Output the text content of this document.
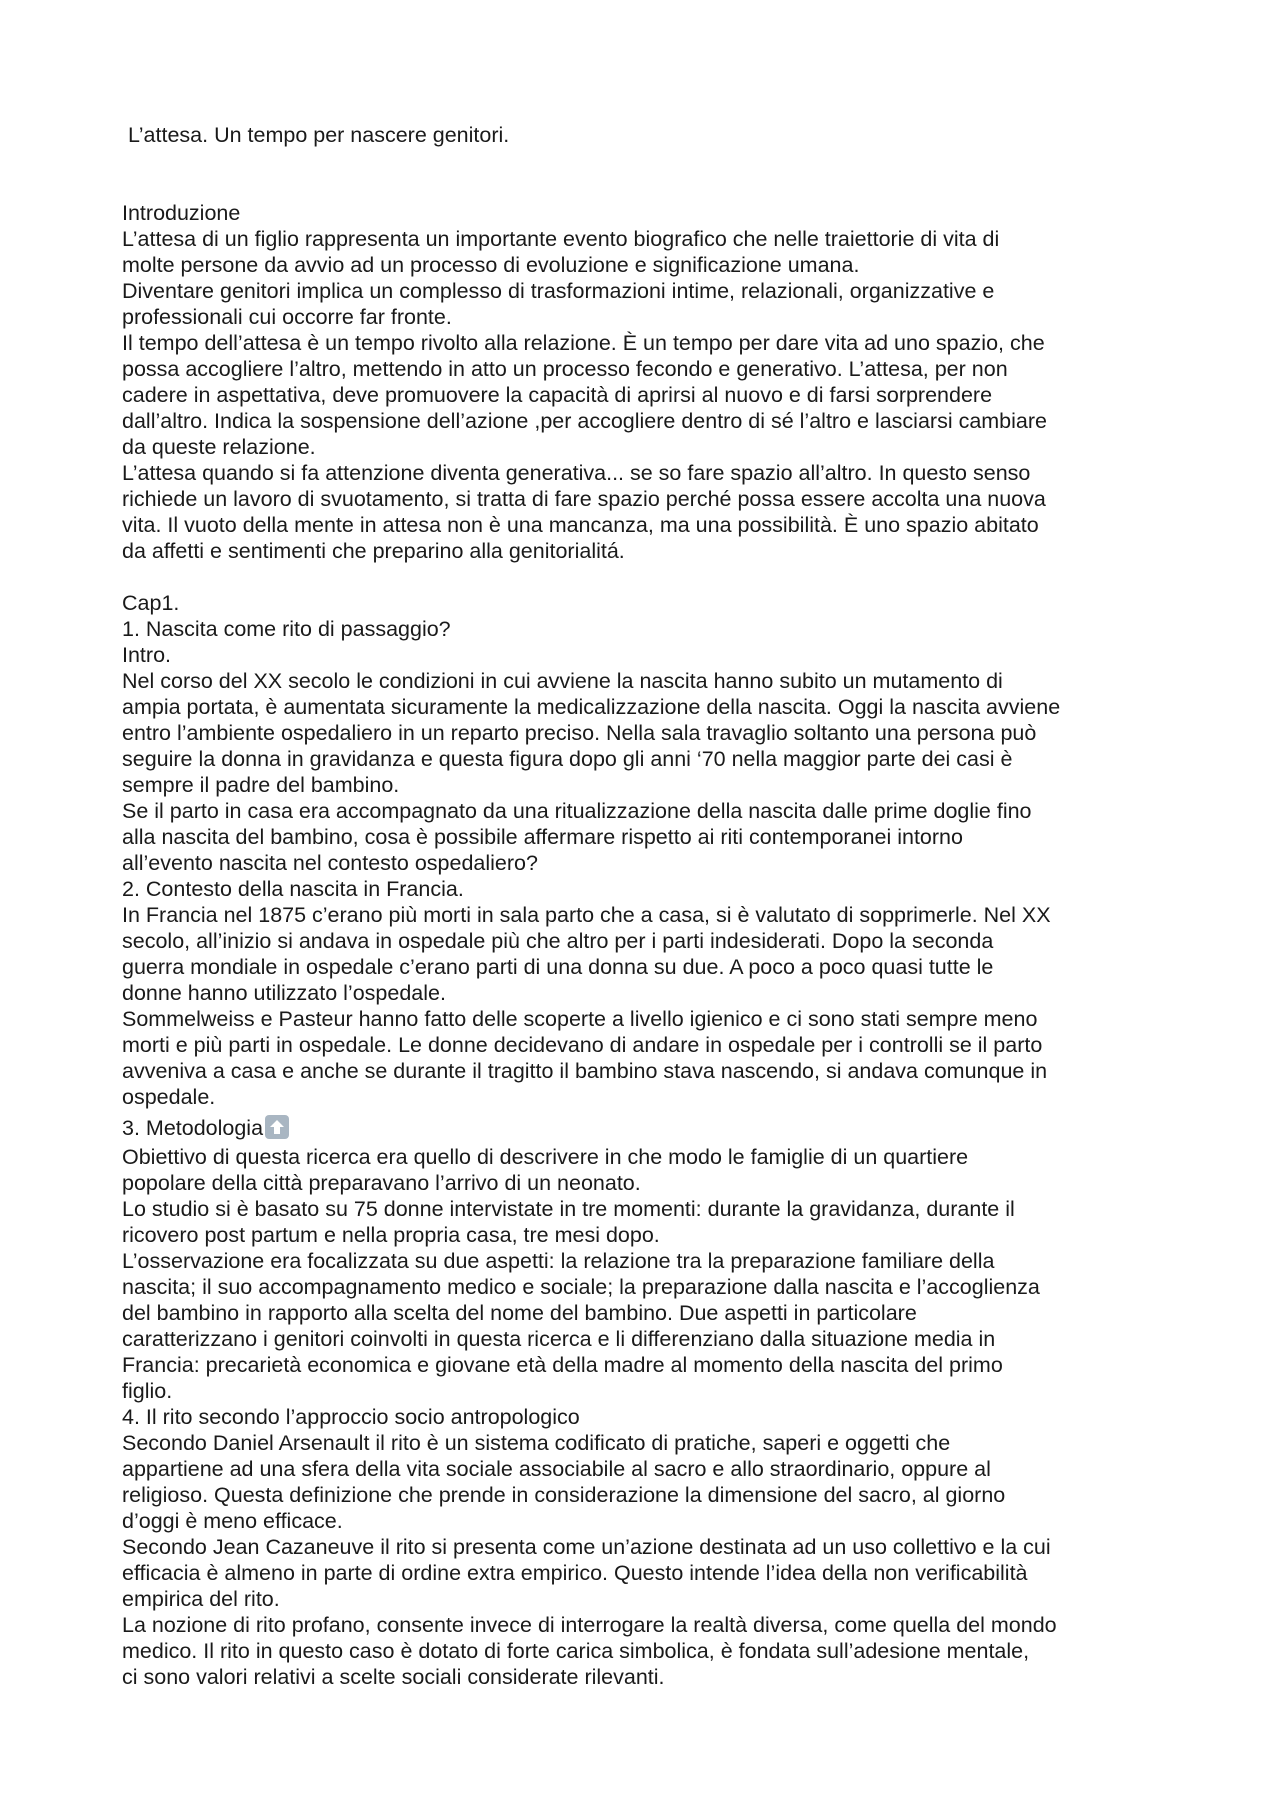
L’attesa. Un tempo per nascere genitori.
Introduzione
L’attesa di un figlio rappresenta un importante evento biografico che nelle traiettorie di vita di
molte persone da avvio ad un processo di evoluzione e significazione umana.
Diventare genitori implica un complesso di trasformazioni intime, relazionali, organizzative e
professionali cui occorre far fronte.
Il tempo dell’attesa è un tempo rivolto alla relazione. È un tempo per dare vita ad uno spazio, che
possa accogliere l’altro, mettendo in atto un processo fecondo e generativo. L’attesa, per non
cadere in aspettativa, deve promuovere la capacità di aprirsi al nuovo e di farsi sorprendere
dall’altro. Indica la sospensione dell’azione ,per accogliere dentro di sé l’altro e lasciarsi cambiare
da queste relazione.
L’attesa quando si fa attenzione diventa generativa... se so fare spazio all’altro. In questo senso
richiede un lavoro di svuotamento, si tratta di fare spazio perché possa essere accolta una nuova
vita. Il vuoto della mente in attesa non è una mancanza, ma una possibilità. È uno spazio abitato
da affetti e sentimenti che preparino alla genitorialitá.
Cap1.
1. Nascita come rito di passaggio?
Intro.
Nel corso del XX secolo le condizioni in cui avviene la nascita hanno subito un mutamento di
ampia portata, è aumentata sicuramente la medicalizzazione della nascita. Oggi la nascita avviene
entro l’ambiente ospedaliero in un reparto preciso. Nella sala travaglio soltanto una persona può
seguire la donna in gravidanza e questa figura dopo gli anni ‘70 nella maggior parte dei casi è
sempre il padre del bambino.
Se il parto in casa era accompagnato da una ritualizzazione della nascita dalle prime doglie fino
alla nascita del bambino, cosa è possibile affermare rispetto ai riti contemporanei intorno
all’evento nascita nel contesto ospedaliero?
2. Contesto della nascita in Francia.
In Francia nel 1875 c’erano più morti in sala parto che a casa, si è valutato di sopprimerle. Nel XX
secolo, all’inizio si andava in ospedale più che altro per i parti indesiderati. Dopo la seconda
guerra mondiale in ospedale c’erano parti di una donna su due. A poco a poco quasi tutte le
donne hanno utilizzato l’ospedale.
Sommelweiss e Pasteur hanno fatto delle scoperte a livello igienico e ci sono stati sempre meno
morti e più parti in ospedale. Le donne decidevano di andare in ospedale per i controlli se il parto
avveniva a casa e anche se durante il tragitto il bambino stava nascendo, si andava comunque in
ospedale.
3. Metodologia
Obiettivo di questa ricerca era quello di descrivere in che modo le famiglie di un quartiere
popolare della città preparavano l’arrivo di un neonato.
Lo studio si è basato su 75 donne intervistate in tre momenti: durante la gravidanza, durante il
ricovero post partum e nella propria casa, tre mesi dopo.
L’osservazione era focalizzata su due aspetti: la relazione tra la preparazione familiare della
nascita; il suo accompagnamento medico e sociale; la preparazione dalla nascita e l’accoglienza
del bambino in rapporto alla scelta del nome del bambino. Due aspetti in particolare
caratterizzano i genitori coinvolti in questa ricerca e li differenziano dalla situazione media in
Francia: precarietà economica e giovane età della madre al momento della nascita del primo
figlio.
4. Il rito secondo l’approccio socio antropologico
Secondo Daniel Arsenault il rito è un sistema codificato di pratiche, saperi e oggetti che
appartiene ad una sfera della vita sociale associabile al sacro e allo straordinario, oppure al
religioso. Questa definizione che prende in considerazione la dimensione del sacro, al giorno
d’oggi è meno efficace.
Secondo Jean Cazaneuve il rito si presenta come un’azione destinata ad un uso collettivo e la cui
efficacia è almeno in parte di ordine extra empirico. Questo intende l’idea della non verificabilità
empirica del rito.
La nozione di rito profano, consente invece di interrogare la realtà diversa, come quella del mondo
medico. Il rito in questo caso è dotato di forte carica simbolica, è fondata sull’adesione mentale,
ci sono valori relativi a scelte sociali considerate rilevanti.
